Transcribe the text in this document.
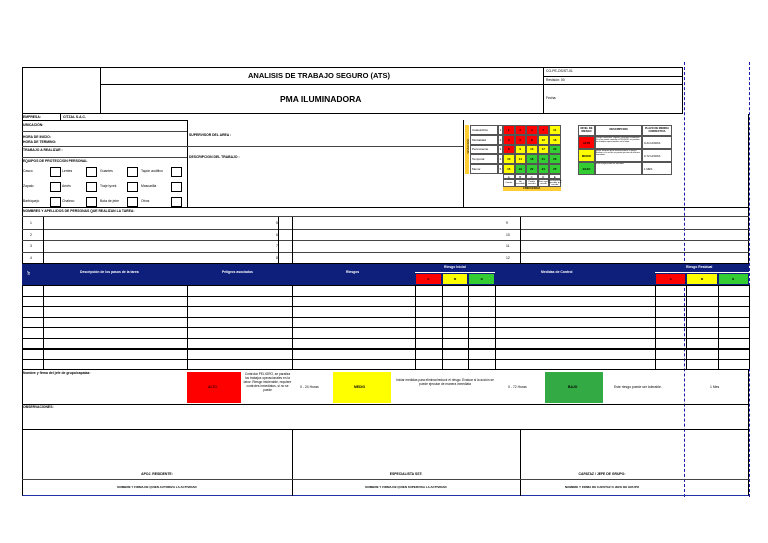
ANALISIS DE TRABAJO SEGURO (ATS)
PMA ILUMINADORA
CO-PE-OS/ST-01
Revisión: 00
Fecha:
EMPRESA:	CITZAL S.A.C.
UBICACIÓN:
HORA DE INICIO:
HORA DE TERMINO:
TRABAJO A REALIZAR :
EQUIPOS DE PROTECCION PERSONAL
SUPERVISOR DEL AREA :
DESCRIPCION DEL TRABAJO :
Casco	Lentes	Guantes	Tapón auditivo
Zapato	Arnés	Traje tyvek	Mascarilla
Barbiquejo	Chaleco	Bota de jebe	Otros
SEVERIDAD
Catastrófico	1	1	2	4	7	11
Mortalidad	2	3	5	8	12	16
Permanente	3	6	9	13	17	20
Temporal	4	10	14	18	21	23
Menor	5	15	19	22	24	25
A
Común
B
Ha sucedido
C
Podría suceder
D
Raro que suceda
E
Prácticamente imposible que suceda
FRECUENCIA
NIVEL DE RIESGO	DESCRIPCION	PLAZO DE MEDIDA CORRECTIVA
ALTO
Riesgo intolerable, requiere controles inmediatos. Si no se puede controlar el PELIGRO se paraliza los trabajos operacionales en la labor.	0-24 HORAS
MEDIO
Iniciar medidas para eliminar/reducir el riesgo. Evaluar si la acción se puede ejecutar de manera inmediata.	0-72 HORAS
BAJO
Este riesgo puede ser tolerable.
1 MES
NOMBRES Y APELLIDOS DE PERSONAS QUE REALIZAN LA TAREA:
1	5	9
2	6	10
3	7	11
4	8	12
N°	Descripción de los pasos de la tarea	Peligros asociados	Riesgos
Riesgo Inicial
Medidas de Control
Riesgo Residual
A	M	B	A	M	B
Nombre y firma del jefe de grupo/capataz:
ALTO
Controlar PELIGRO, se paraliza los trabajos operacionales en la labor. Riesgo intolerable, requiere controles inmediatos, si no se puede
0 - 24 Horas	MEDIO
Iniciar medidas para eliminar/reducir el riesgo. Evaluar si la acción se puede ejecutar de manera inmediata
0 - 72 Horas	BAJO	Este riesgo puede ser tolerable.	1 Mes
OBSERVACIONES:
APOJ. RESIDENTE:
NOMBRE Y FIRMA DE QUIEN AUTORIZA LA ACTIVIDAD
ESPECIALISTA SST:
NOMBRE Y FIRMA DE QUIEN SUPERVISA LA ACTIVIDAD
CAPATAZ / JEFE DE GRUPO:
NOMBRE Y FIRMA DE CAPATAZ O JEFE DE GRUPO
